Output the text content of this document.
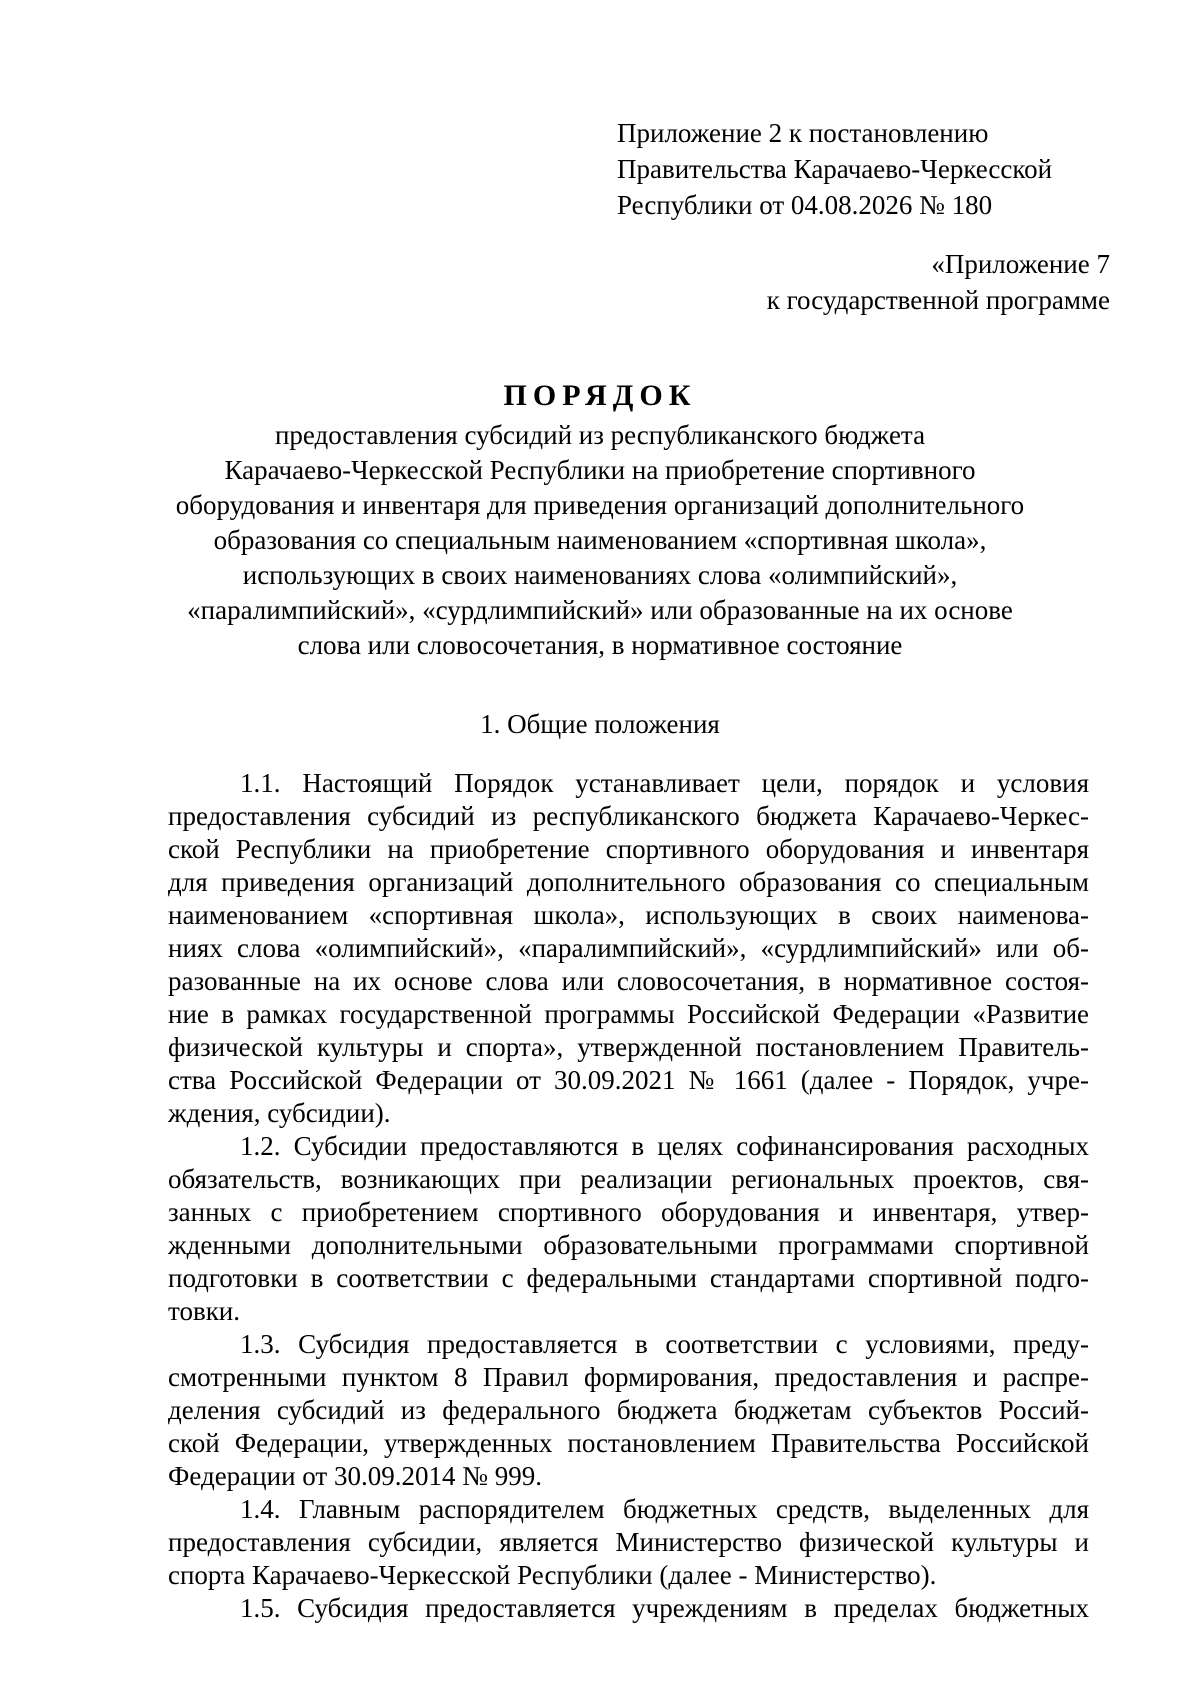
Приложение 2 к постановлению
Правительства Карачаево-Черкесской
Республики от 04.08.2026 № 180
«Приложение 7
к государственной программе
ПОРЯДОК
предоставления субсидий из республиканского бюджета
Карачаево-Черкесской Республики на приобретение спортивного
оборудования и инвентаря для приведения организаций дополнительного
образования со специальным наименованием «спортивная школа»,
использующих в своих наименованиях слова «олимпийский»,
«паралимпийский», «сурдлимпийский» или образованные на их основе
слова или словосочетания, в нормативное состояние
1. Общие положения
1.1. Настоящий Порядок устанавливает цели, порядок и условия
предоставления субсидий из республиканского бюджета Карачаево-Черкес-
ской Республики на приобретение спортивного оборудования и инвентаря
для приведения организаций дополнительного образования со специальным
наименованием «спортивная школа», использующих в своих наименова-
ниях слова «олимпийский», «паралимпийский», «сурдлимпийский» или об-
разованные на их основе слова или словосочетания, в нормативное состоя-
ние в рамках государственной программы Российской Федерации «Развитие
физической культуры и спорта», утвержденной постановлением Правитель-
ства Российской Федерации от 30.09.2021 № 1661 (далее - Порядок, учре-
ждения, субсидии).
1.2. Субсидии предоставляются в целях софинансирования расходных
обязательств, возникающих при реализации региональных проектов, свя-
занных с приобретением спортивного оборудования и инвентаря, утвер-
жденными дополнительными образовательными программами спортивной
подготовки в соответствии с федеральными стандартами спортивной подго-
товки.
1.3. Субсидия предоставляется в соответствии с условиями, преду-
смотренными пунктом 8 Правил формирования, предоставления и распре-
деления субсидий из федерального бюджета бюджетам субъектов Россий-
ской Федерации, утвержденных постановлением Правительства Российской
Федерации от 30.09.2014 № 999.
1.4. Главным распорядителем бюджетных средств, выделенных для
предоставления субсидии, является Министерство физической культуры и
спорта Карачаево-Черкесской Республики (далее - Министерство).
1.5. Субсидия предоставляется учреждениям в пределах бюджетных
